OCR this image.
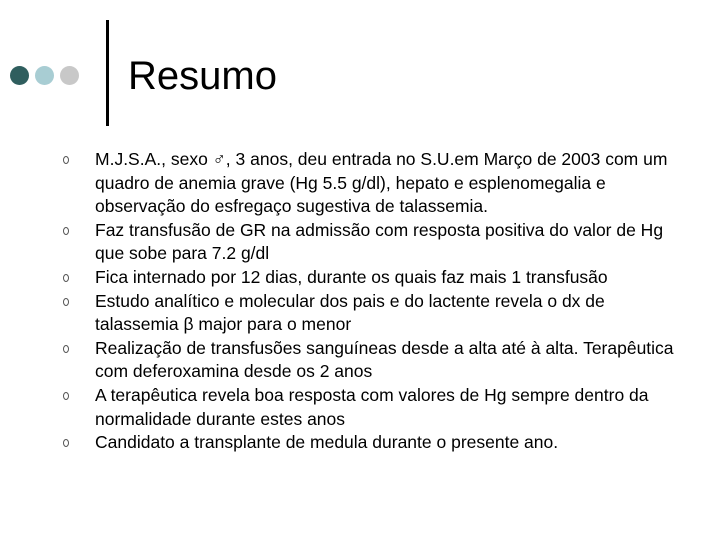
Resumo
M.J.S.A., sexo ♂, 3 anos, deu entrada no S.U.em Março de 2003 com um quadro de anemia grave (Hg 5.5 g/dl), hepato e esplenomegalia e observação do esfregaço sugestiva de talassemia.
Faz transfusão de GR na admissão com resposta positiva do valor de Hg que sobe para 7.2 g/dl
Fica internado por 12 dias, durante os quais faz mais 1 transfusão
Estudo analítico e molecular dos pais e do lactente revela o dx de talassemia β major para o menor
Realização de transfusões sanguíneas desde a alta até à alta. Terapêutica com deferoxamina desde os 2 anos
A terapêutica revela boa resposta com valores de Hg sempre dentro da normalidade durante estes anos
Candidato a transplante de medula durante o presente ano.
